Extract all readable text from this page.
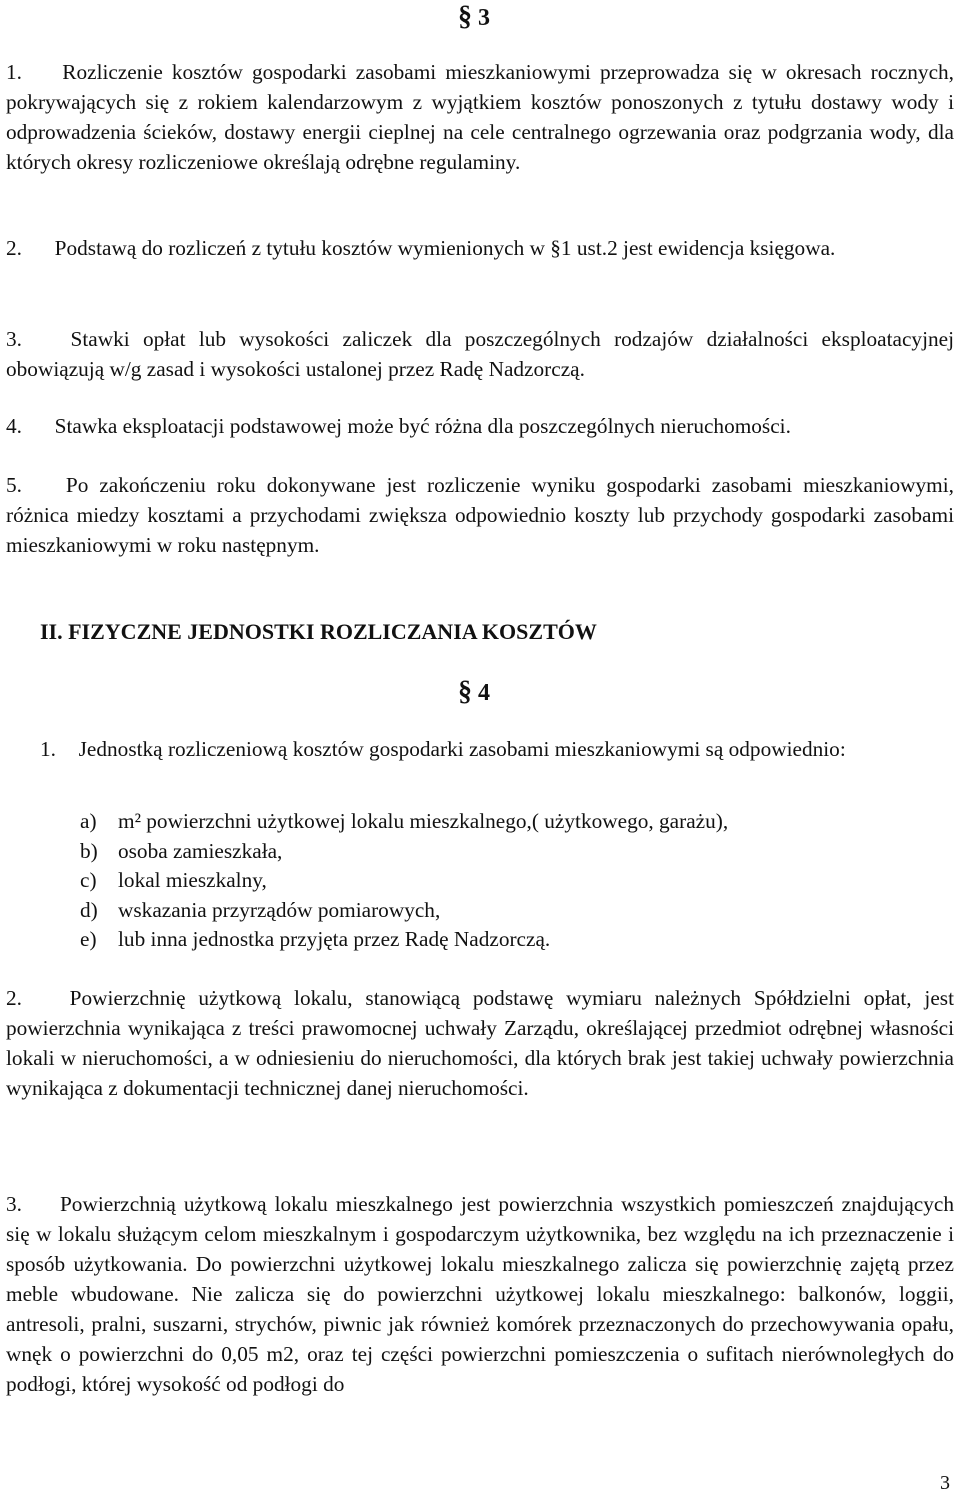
§ 3
1. Rozliczenie kosztów gospodarki zasobami mieszkaniowymi przeprowadza się w okresach rocznych, pokrywających się z rokiem kalendarzowym z wyjątkiem kosztów ponoszonych z tytułu dostawy wody i odprowadzenia ścieków, dostawy energii cieplnej na cele centralnego ogrzewania oraz podgrzania wody, dla których okresy rozliczeniowe określają odrębne regulaminy.
2. Podstawą do rozliczeń z tytułu kosztów wymienionych w §1 ust.2 jest ewidencja księgowa.
3. Stawki opłat lub wysokości zaliczek dla poszczególnych rodzajów działalności eksploatacyjnej obowiązują w/g zasad i wysokości ustalonej przez Radę Nadzorczą.
4. Stawka eksploatacji podstawowej może być różna dla poszczególnych nieruchomości.
5. Po zakończeniu roku dokonywane jest rozliczenie wyniku gospodarki zasobami mieszkaniowymi, różnica miedzy kosztami a przychodami zwiększa odpowiednio koszty lub przychody gospodarki zasobami mieszkaniowymi w roku następnym.
II. FIZYCZNE JEDNOSTKI ROZLICZANIA KOSZTÓW
§ 4
1. Jednostką rozliczeniową kosztów gospodarki zasobami mieszkaniowymi są odpowiednio:
a) m² powierzchni użytkowej lokalu mieszkalnego,( użytkowego, garażu),
b) osoba zamieszkała,
c) lokal mieszkalny,
d) wskazania przyrządów pomiarowych,
e) lub inna jednostka przyjęta przez Radę Nadzorczą.
2. Powierzchnię użytkową lokalu, stanowiącą podstawę wymiaru należnych Spółdzielni opłat, jest powierzchnia wynikająca z treści prawomocnej uchwały Zarządu, określającej przedmiot odrębnej własności lokali w nieruchomości, a w odniesieniu do nieruchomości, dla których brak jest takiej uchwały powierzchnia wynikająca z dokumentacji technicznej danej nieruchomości.
3. Powierzchnią użytkową lokalu mieszkalnego jest powierzchnia wszystkich pomieszczeń znajdujących się w lokalu służącym celom mieszkalnym i gospodarczym użytkownika, bez względu na ich przeznaczenie i sposób użytkowania. Do powierzchni użytkowej lokalu mieszkalnego zalicza się powierzchnię zajętą przez meble wbudowane. Nie zalicza się do powierzchni użytkowej lokalu mieszkalnego: balkonów, loggii, antresoli, pralni, suszarni, strychów, piwnic jak również komórek przeznaczonych do przechowywania opału, wnęk o powierzchni do 0,05 m2, oraz tej części powierzchni pomieszczenia o sufitach nierównoległych do podłogi, której wysokość od podłogi do
3
